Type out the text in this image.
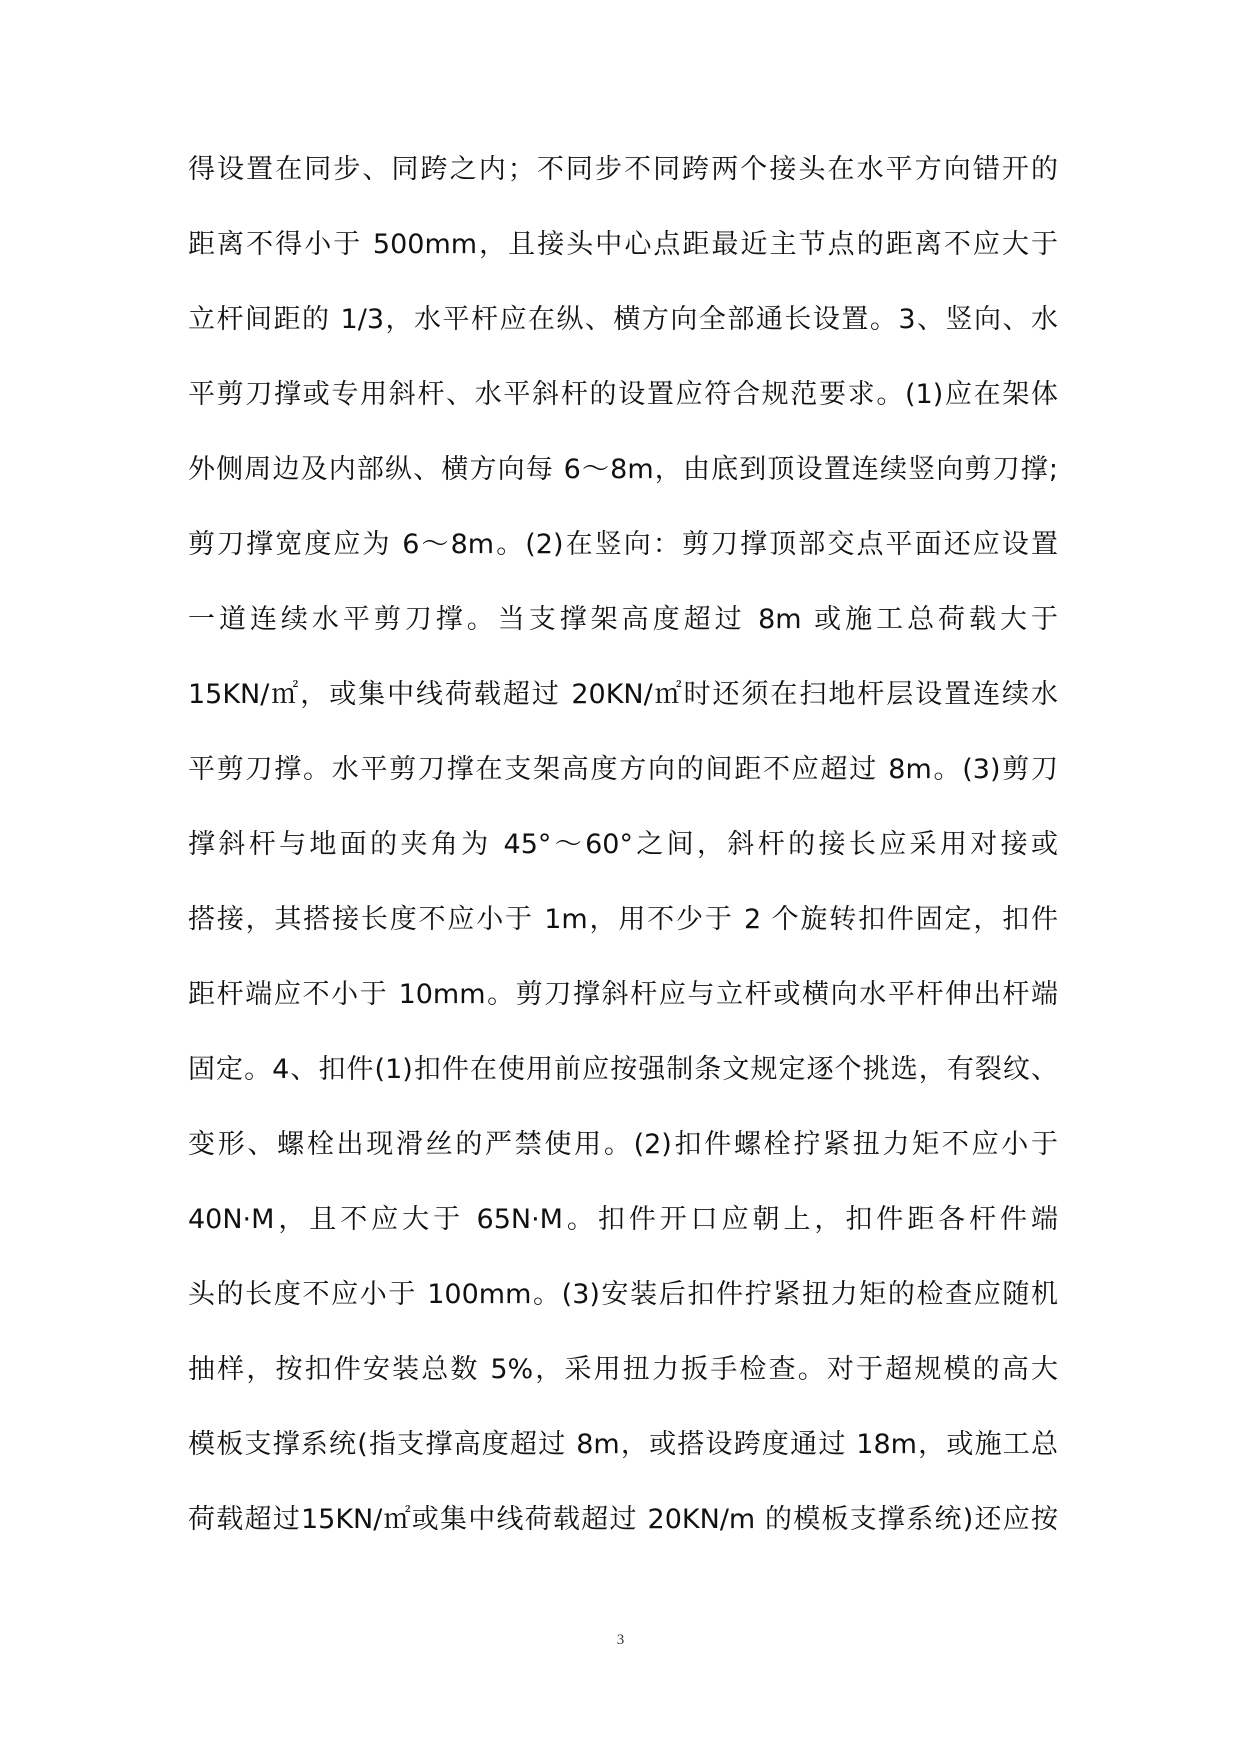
得设置在同步、同跨之内；不同步不同跨两个接头在水平方向错开的
距离不得小于 500mm，且接头中心点距最近主节点的距离不应大于
立杆间距的 1/3，水平杆应在纵、横方向全部通长设置。3、竖向、水
平剪刀撑或专用斜杆、水平斜杆的设置应符合规范要求。(1)应在架体
外侧周边及内部纵、横方向每 6～8m，由底到顶设置连续竖向剪刀撑;
剪刀撑宽度应为 6～8m。(2)在竖向：剪刀撑顶部交点平面还应设置
一道连续水平剪刀撑。当支撑架高度超过 8m 或施工总荷载大于
15KN/㎡，或集中线荷载超过 20KN/㎡时还须在扫地杆层设置连续水
平剪刀撑。水平剪刀撑在支架高度方向的间距不应超过 8m。(3)剪刀
撑斜杆与地面的夹角为 45°～60°之间，斜杆的接长应采用对接或
搭接，其搭接长度不应小于 1m，用不少于 2 个旋转扣件固定，扣件
距杆端应不小于 10mm。剪刀撑斜杆应与立杆或横向水平杆伸出杆端
固定。4、扣件(1)扣件在使用前应按强制条文规定逐个挑选，有裂纹、
变形、螺栓出现滑丝的严禁使用。(2)扣件螺栓拧紧扭力矩不应小于
40N·M，且不应大于 65N·M。扣件开口应朝上，扣件距各杆件端
头的长度不应小于 100mm。(3)安装后扣件拧紧扭力矩的检查应随机
抽样，按扣件安装总数 5%，采用扭力扳手检查。对于超规模的高大
模板支撑系统(指支撑高度超过 8m，或搭设跨度通过 18m，或施工总
荷载超过15KN/㎡或集中线荷载超过 20KN/m 的模板支撑系统)还应按
3
